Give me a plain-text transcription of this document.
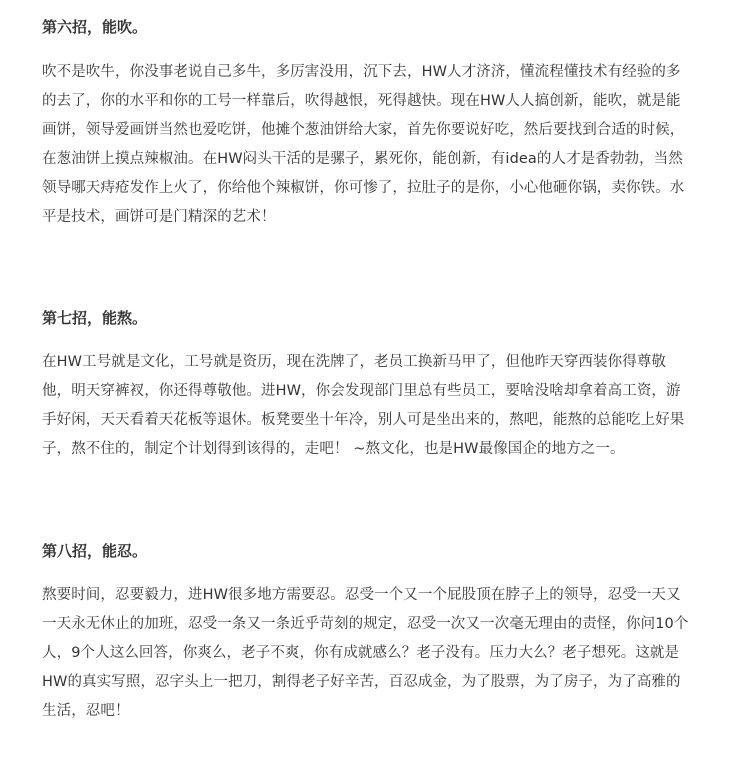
第六招，能吹。

吹不是吹牛，你没事老说自己多牛，多厉害没用，沉下去，HW人才济济，懂流程懂技术有经验的多的去了，你的水平和你的工号一样靠后，吹得越恨，死得越快。现在HW人人搞创新，能吹，就是能画饼，领导爱画饼当然也爱吃饼，他摊个葱油饼给大家，首先你要说好吃，然后要找到合适的时候，在葱油饼上摸点辣椒油。在HW闷头干活的是骡子，累死你，能创新，有idea的人才是香勃勃，当然领导哪天痔疮发作上火了，你给他个辣椒饼，你可惨了，拉肚子的是你，小心他砸你锅，卖你铁。水平是技术，画饼可是门精深的艺术！

第七招，能熬。

在HW工号就是文化，工号就是资历，现在洗牌了，老员工换新马甲了，但他昨天穿西装你得尊敬他，明天穿裤衩，你还得尊敬他。进HW，你会发现部门里总有些员工，要啥没啥却拿着高工资，游手好闲，天天看着天花板等退休。板凳要坐十年冷，别人可是坐出来的，熬吧，能熬的总能吃上好果子，熬不住的，制定个计划得到该得的，走吧！ ~熬文化，也是HW最像国企的地方之一。

第八招，能忍。

熬要时间，忍要毅力，进HW很多地方需要忍。忍受一个又一个屁股顶在脖子上的领导，忍受一天又一天永无休止的加班，忍受一条又一条近乎苛刻的规定，忍受一次又一次毫无理由的责怪，你问10个人，9个人这么回答，你爽么，老子不爽，你有成就感么？老子没有。压力大么？老子想死。这就是HW的真实写照，忍字头上一把刀，割得老子好辛苦，百忍成金，为了股票，为了房子，为了高雅的生活，忍吧！
